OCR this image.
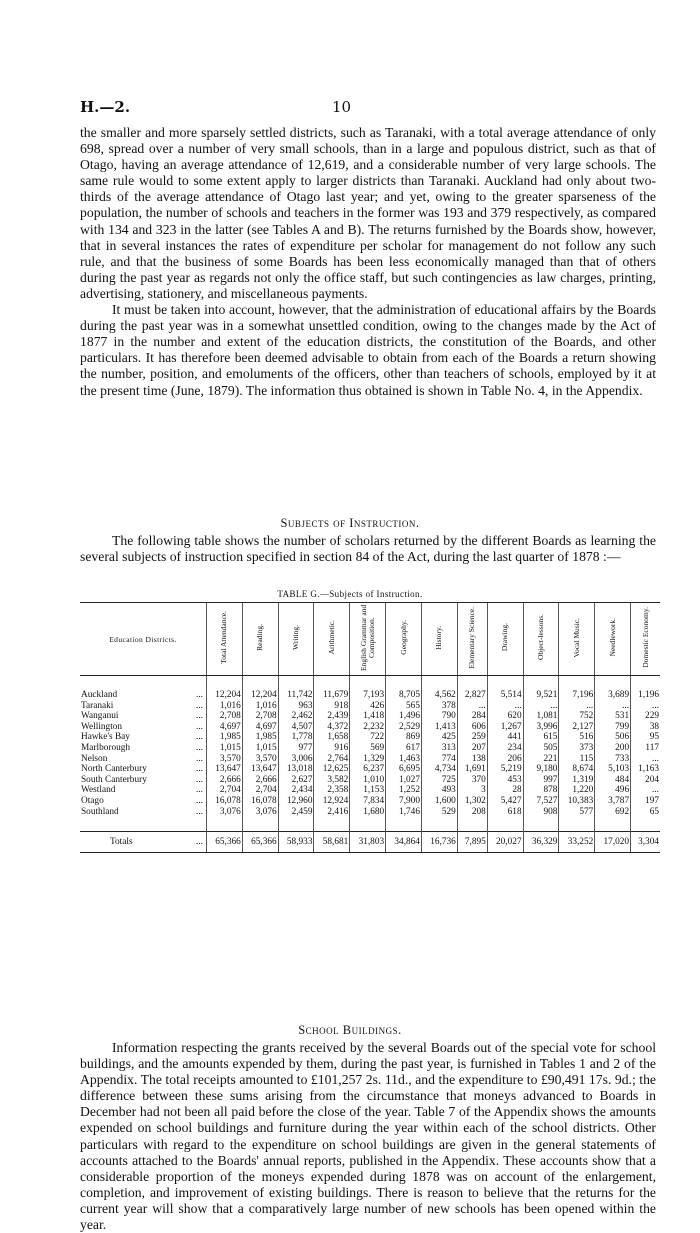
H.—2.	10

the smaller and more sparsely settled districts, such as Taranaki, with a total average attendance of only 698, spread over a number of very small schools, than in a large and populous district, such as that of Otago, having an average attendance of 12,619, and a considerable number of very large schools. The same rule would to some extent apply to larger districts than Taranaki. Auckland had only about two-thirds of the average attendance of Otago last year; and yet, owing to the greater sparseness of the population, the number of schools and teachers in the former was 193 and 379 respectively, as compared with 134 and 323 in the latter (see Tables A and B). The returns furnished by the Boards show, however, that in several instances the rates of expenditure per scholar for management do not follow any such rule, and that the business of some Boards has been less economically managed than that of others during the past year as regards not only the office staff, but such contingencies as law charges, printing, advertising, stationery, and miscellaneous payments.

It must be taken into account, however, that the administration of educational affairs by the Boards during the past year was in a somewhat unsettled condition, owing to the changes made by the Act of 1877 in the number and extent of the education districts, the constitution of the Boards, and other particulars. It has therefore been deemed advisable to obtain from each of the Boards a return showing the number, position, and emoluments of the officers, other than teachers of schools, employed by it at the present time (June, 1879). The information thus obtained is shown in Table No. 4, in the Appendix.

Subjects of Instruction.

The following table shows the number of scholars returned by the different Boards as learning the several subjects of instruction specified in section 84 of the Act, during the last quarter of 1878 :—

TABLE G.—Subjects of Instruction.
Education Districts.	Total Attendance.	Reading.	Writing.	Arithmetic.	English Grammar and Composition.	Geography.	History.	Elementary Science.	Drawing.	Object-lessons.	Vocal Music.	Needlework.	Domestic Economy.

Auckland ...	12,204	12,204	11,742	11,679	7,193	8,705	4,562	2,827	5,514	9,521	7,196	3,689	1,196
Taranaki ...	1,016	1,016	963	918	426	565	378	...	...	...	...	...	...
Wanganui ...	2,708	2,708	2,462	2,439	1,418	1,496	790	284	620	1,081	752	531	229
Wellington ...	4,697	4,697	4,507	4,372	2,232	2,529	1,413	606	1,267	3,996	2,127	799	38
Hawke's Bay ...	1,985	1,985	1,778	1,658	722	869	425	259	441	615	516	506	95
Marlborough ...	1,015	1,015	977	916	569	617	313	207	234	505	373	200	117
Nelson ...	3,570	3,570	3,006	2,764	1,329	1,463	774	138	206	221	115	733	...
North Canterbury ...	13,647	13,647	13,018	12,625	6,237	6,695	4,734	1,691	5,219	9,180	8,674	5,103	1,163
South Canterbury ...	2,666	2,666	2,627	3,582	1,010	1,027	725	370	453	997	1,319	484	204
Westland ...	2,704	2,704	2,434	2,358	1,153	1,252	493	3	28	878	1,220	496	...
Otago ...	16,078	16,078	12,960	12,924	7,834	7,900	1,600	1,302	5,427	7,527	10,383	3,787	197
Southland ...	3,076	3,076	2,459	2,416	1,680	1,746	529	208	618	908	577	692	65

Totals ...	65,366	65,366	58,933	58,681	31,803	34,864	16,736	7,895	20,027	36,329	33,252	17,020	3,304
School Buildings.

Information respecting the grants received by the several Boards out of the special vote for school buildings, and the amounts expended by them, during the past year, is furnished in Tables 1 and 2 of the Appendix. The total receipts amounted to £101,257 2s. 11d., and the expenditure to £90,491 17s. 9d.; the difference between these sums arising from the circumstance that moneys advanced to Boards in December had not been all paid before the close of the year. Table 7 of the Appendix shows the amounts expended on school buildings and furniture during the year within each of the school districts. Other particulars with regard to the expenditure on school buildings are given in the general statements of accounts attached to the Boards' annual reports, published in the Appendix. These accounts show that a considerable proportion of the moneys expended during 1878 was on account of the enlargement, completion, and improvement of existing buildings. There is reason to believe that the returns for the current year will show that a comparatively large number of new schools has been opened within the year.
